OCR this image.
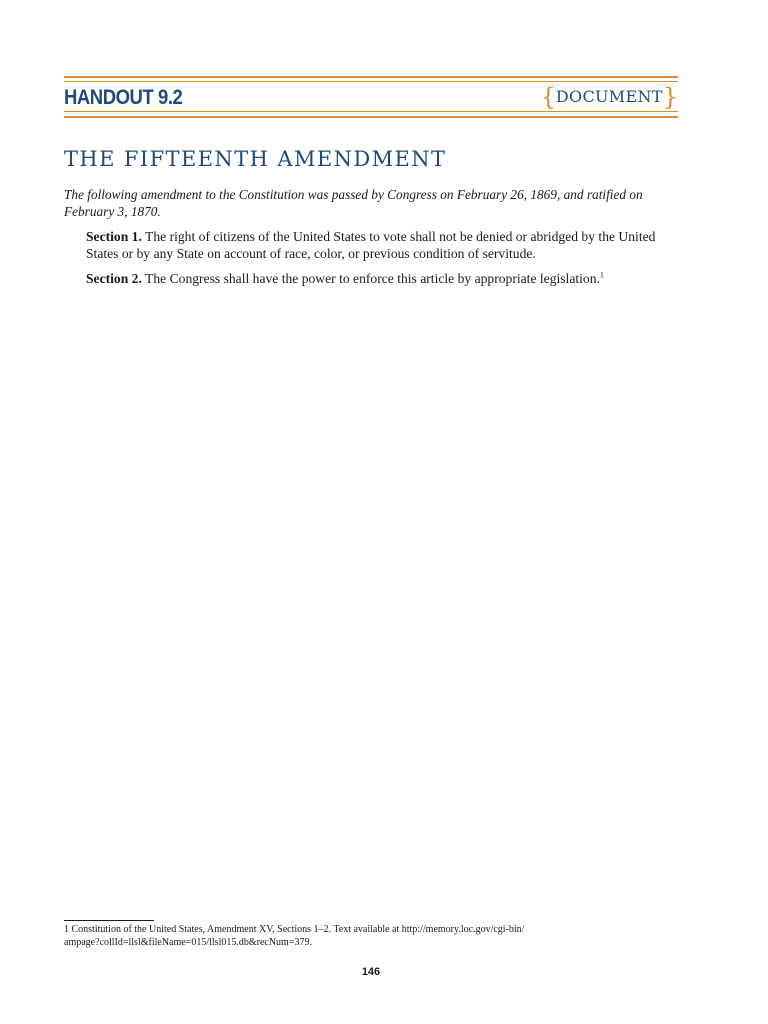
HANDOUT 9.2	{ DOCUMENT }
THE FIFTEENTH AMENDMENT
The following amendment to the Constitution was passed by Congress on February 26, 1869, and ratified on February 3, 1870.
Section 1. The right of citizens of the United States to vote shall not be denied or abridged by the United States or by any State on account of race, color, or previous condition of servitude.
Section 2. The Congress shall have the power to enforce this article by appropriate legislation.$^1$
1 Constitution of the United States, Amendment XV, Sections 1–2. Text available at http://memory.loc.gov/cgi-bin/
ampage?collId=llsl&fileName=015/llsl015.db&recNum=379.
146
